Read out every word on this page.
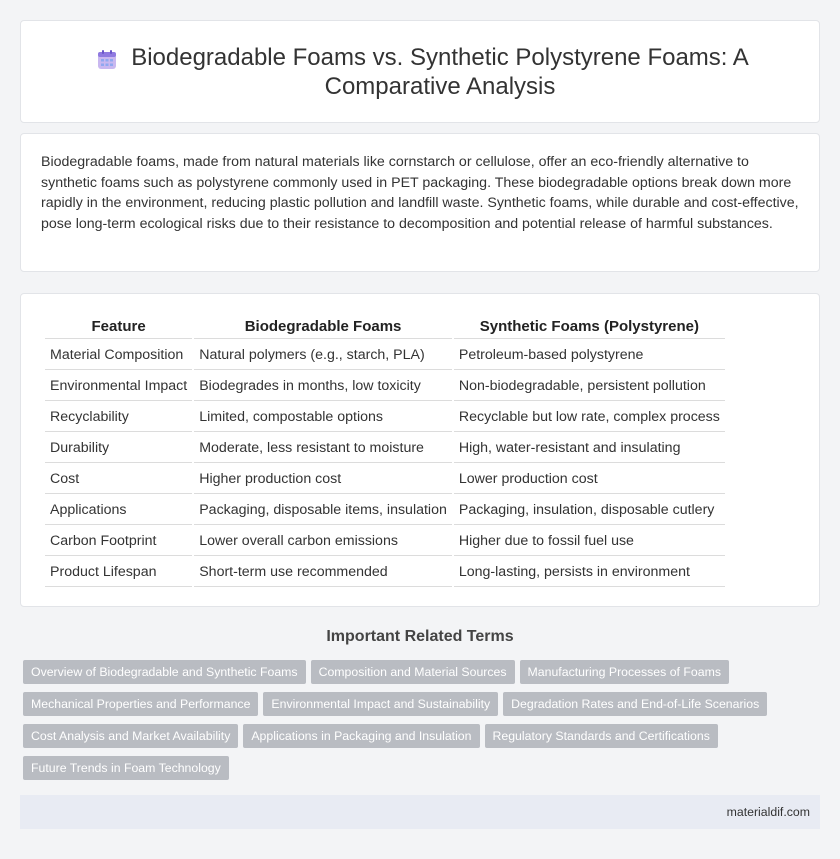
Biodegradable Foams vs. Synthetic Polystyrene Foams: A Comparative Analysis

Biodegradable foams, made from natural materials like cornstarch or cellulose, offer an eco-friendly alternative to synthetic foams such as polystyrene commonly used in PET packaging. These biodegradable options break down more rapidly in the environment, reducing plastic pollution and landfill waste. Synthetic foams, while durable and cost-effective, pose long-term ecological risks due to their resistance to decomposition and potential release of harmful substances.

Feature	Biodegradable Foams	Synthetic Foams (Polystyrene)
Material Composition	Natural polymers (e.g., starch, PLA)	Petroleum-based polystyrene
Environmental Impact	Biodegrades in months, low toxicity	Non-biodegradable, persistent pollution
Recyclability	Limited, compostable options	Recyclable but low rate, complex process
Durability	Moderate, less resistant to moisture	High, water-resistant and insulating
Cost	Higher production cost	Lower production cost
Applications	Packaging, disposable items, insulation	Packaging, insulation, disposable cutlery
Carbon Footprint	Lower overall carbon emissions	Higher due to fossil fuel use
Product Lifespan	Short-term use recommended	Long-lasting, persists in environment
Important Related Terms
Overview of Biodegradable and Synthetic Foams Composition and Material Sources Manufacturing Processes of FoamsMechanical Properties and Performance Environmental Impact and Sustainability Degradation Rates and End-of-Life ScenariosCost Analysis and Market Availability Applications in Packaging and Insulation Regulatory Standards and CertificationsFuture Trends in Foam Technology
materialdif.com
